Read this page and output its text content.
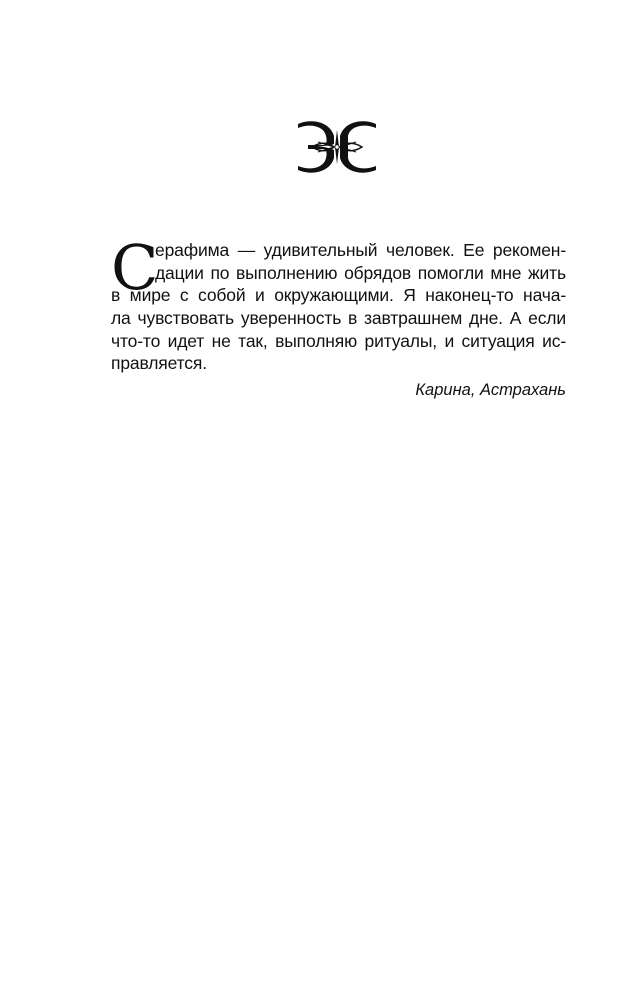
С
ерафима — удивительный человек. Ее рекомен-
дации по выполнению обрядов помогли мне жить
в мире с собой и окружающими. Я наконец-то нача-
ла чувствовать уверенность в завтрашнем дне. А если
что-то идет не так, выполняю ритуалы, и ситуация ис-
правляется.
Карина, Астрахань
